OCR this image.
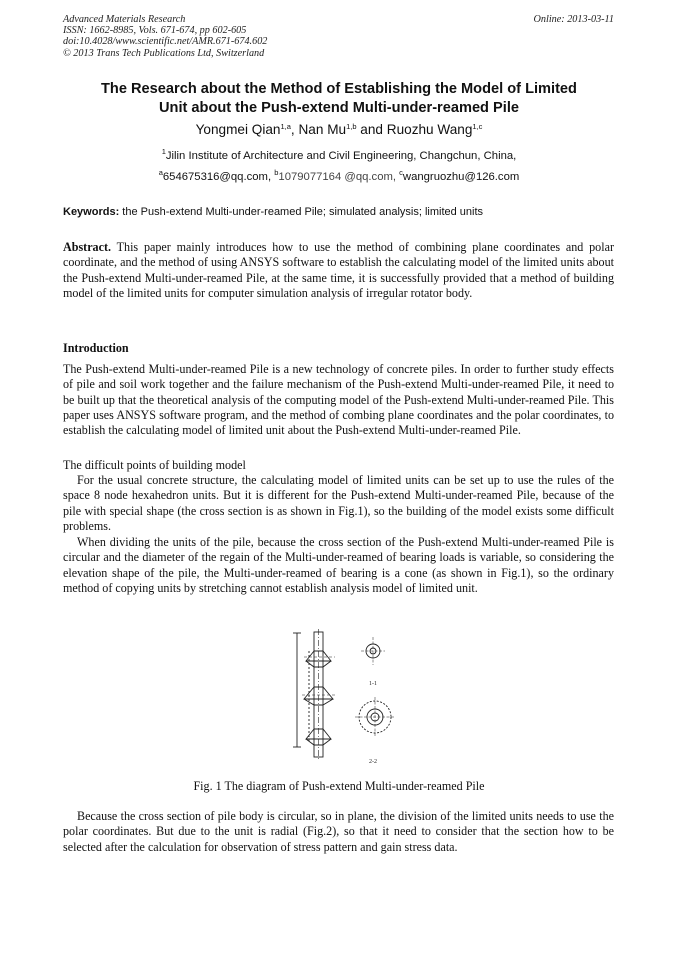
Advanced Materials Research
ISSN: 1662-8985, Vols. 671-674, pp 602-605
doi:10.4028/www.scientific.net/AMR.671-674.602
© 2013 Trans Tech Publications Ltd, Switzerland
Online: 2013-03-11
The Research about the Method of Establishing the Model of Limited
Unit about the Push-extend Multi-under-reamed Pile
Yongmei Qian$^{1,a}$, Nan Mu$^{1,b}$ and Ruozhu Wang$^{1,c}$
$^1$Jilin Institute of Architecture and Civil Engineering, Changchun, China,
$^a$654675316@qq.com, $^b$1079077164 @qq.com, $^c$wangruozhu@126.com
Keywords: the Push-extend Multi-under-reamed Pile; simulated analysis; limited units
Abstract. This paper mainly introduces how to use the method of combining plane coordinates and polar coordinate, and the method of using ANSYS software to establish the calculating model of the limited units about the Push-extend Multi-under-reamed Pile, at the same time, it is successfully provided that a method of building model of the limited units for computer simulation analysis of irregular rotator body.
Introduction
The Push-extend Multi-under-reamed Pile is a new technology of concrete piles. In order to further study effects of pile and soil work together and the failure mechanism of the Push-extend Multi-under-reamed Pile, it need to be built up that the theoretical analysis of the computing model of the Push-extend Multi-under-reamed Pile. This paper uses ANSYS software program, and the method of combing plane coordinates and the polar coordinates, to establish the calculating model of limited unit about the Push-extend Multi-under-reamed Pile.
The difficult points of building model
For the usual concrete structure, the calculating model of limited units can be set up to use the rules of the space 8 node hexahedron units. But it is different for the Push-extend Multi-under-reamed Pile, because of the pile with special shape (the cross section is as shown in Fig.1), so the building of the model exists some difficult problems.
When dividing the units of the pile, because the cross section of the Push-extend Multi-under-reamed Pile is circular and the diameter of the regain of the Multi-under-reamed of bearing loads is variable, so considering the elevation shape of the pile, the Multi-under-reamed of bearing is a cone (as shown in Fig.1), so the ordinary method of copying units by stretching cannot establish analysis model of limited unit.
1-1
2-2
Fig. 1 The diagram of Push-extend Multi-under-reamed Pile
Because the cross section of pile body is circular, so in plane, the division of the limited units needs to use the polar coordinates. But due to the unit is radial (Fig.2), so that it need to consider that the section how to be selected after the calculation for observation of stress pattern and gain stress data.
